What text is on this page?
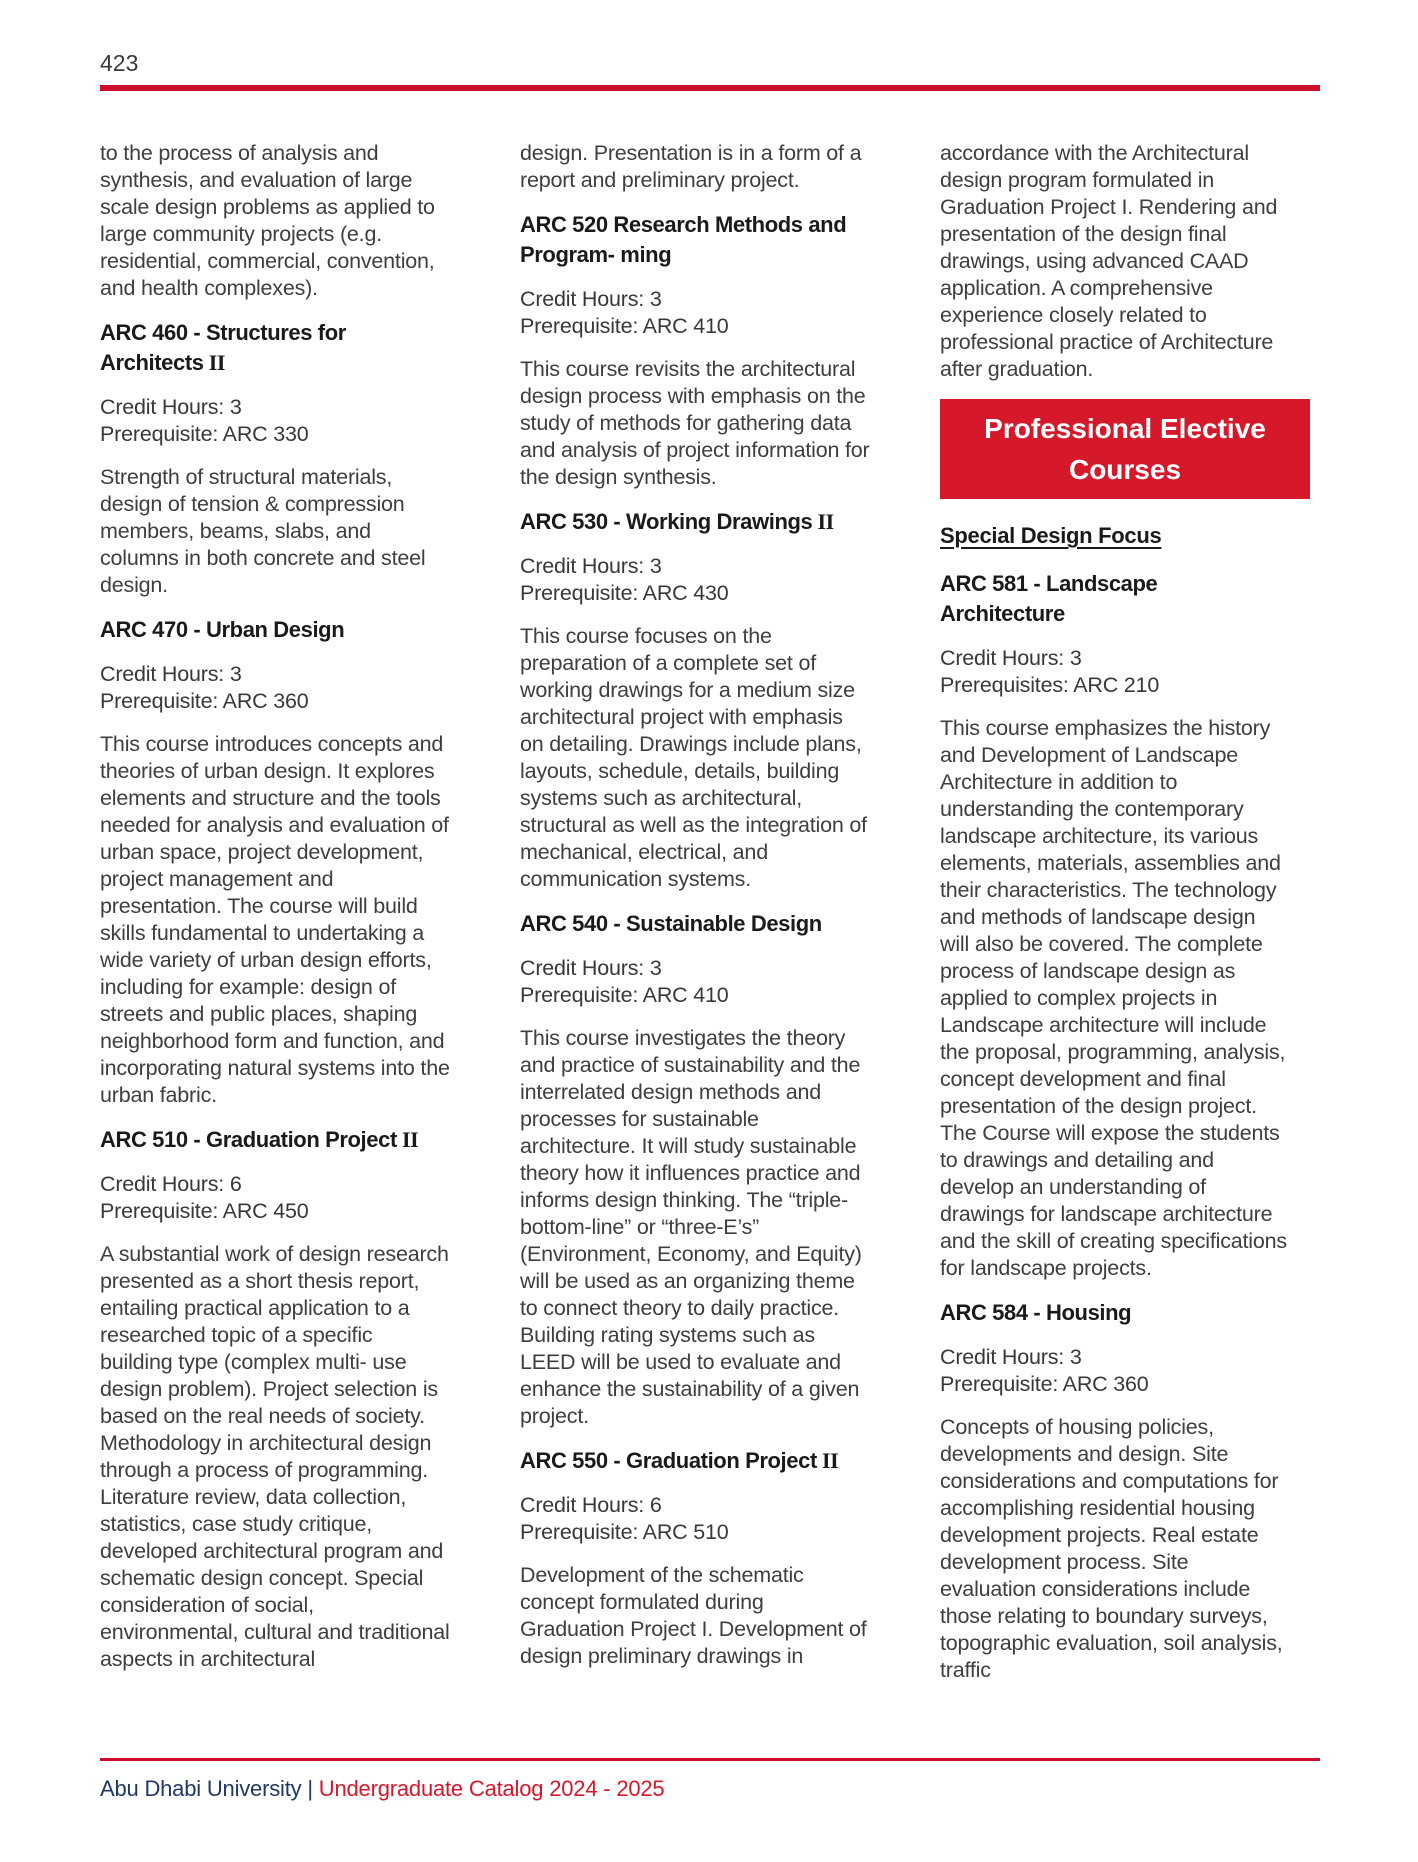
423

to the process of analysis and synthesis, and evaluation of large scale design problems as applied to large community projects (e.g. residential, commercial, convention, and health complexes).

ARC 460 - Structures for
Architects II
Credit Hours: 3
Prerequisite: ARC 330

Strength of structural materials, design of tension & compression members, beams, slabs, and columns in both concrete and steel design.

ARC 470 - Urban Design
Credit Hours: 3
Prerequisite: ARC 360

This course introduces concepts and theories of urban design. It explores elements and structure and the tools needed for analysis and evaluation of urban space, project development, project management and presentation. The course will build skills fundamental to undertaking a wide variety of urban design efforts, including for example: design of streets and public places, shaping neighborhood form and function, and incorporating natural systems into the urban fabric.

ARC 510 - Graduation Project II
Credit Hours: 6
Prerequisite: ARC 450

A substantial work of design research presented as a short thesis report, entailing practical application to a researched topic of a specific building type (complex multi- use design problem). Project selection is based on the real needs of society. Methodology in architectural design through a process of programming. Literature review, data collection, statistics, case study critique, developed architectural program and schematic design concept. Special consideration of social, environmental, cultural and traditional aspects in architectural

design. Presentation is in a form of a report and preliminary project.

ARC 520 Research Methods and
Program- ming
Credit Hours: 3
Prerequisite: ARC 410

This course revisits the architectural design process with emphasis on the study of methods for gathering data and analysis of project information for the design synthesis.

ARC 530 - Working Drawings II
Credit Hours: 3
Prerequisite: ARC 430

This course focuses on the preparation of a complete set of working drawings for a medium size architectural project with emphasis on detailing. Drawings include plans, layouts, schedule, details, building systems such as architectural, structural as well as the integration of mechanical, electrical, and communication systems.

ARC 540 - Sustainable Design
Credit Hours: 3
Prerequisite: ARC 410

This course investigates the theory and practice of sustainability and the interrelated design methods and processes for sustainable architecture. It will study sustainable theory how it influences practice and informs design thinking. The “triple-bottom-line” or “three-E’s” (Environment, Economy, and Equity) will be used as an organizing theme to connect theory to daily practice. Building rating systems such as LEED will be used to evaluate and enhance the sustainability of a given project.

ARC 550 - Graduation Project II
Credit Hours: 6
Prerequisite: ARC 510

Development of the schematic concept formulated during Graduation Project I. Development of design preliminary drawings in

accordance with the Architectural design program formulated in Graduation Project I. Rendering and presentation of the design final drawings, using advanced CAAD application. A comprehensive experience closely related to professional practice of Architecture after graduation.

Professional Elective Courses
Special Design Focus
ARC 581 - Landscape
Architecture
Credit Hours: 3
Prerequisites: ARC 210

This course emphasizes the history and Development of Landscape Architecture in addition to understanding the contemporary landscape architecture, its various elements, materials, assemblies and their characteristics. The technology and methods of landscape design will also be covered. The complete process of landscape design as applied to complex projects in Landscape architecture will include the proposal, programming, analysis, concept development and final presentation of the design project. The Course will expose the students to drawings and detailing and develop an understanding of drawings for landscape architecture and the skill of creating specifications for landscape projects.

ARC 584 - Housing
Credit Hours: 3
Prerequisite: ARC 360

Concepts of housing policies, developments and design. Site considerations and computations for accomplishing residential housing development projects. Real estate development process. Site evaluation considerations include those relating to boundary surveys, topographic evaluation, soil analysis, traffic

Abu Dhabi University | Undergraduate Catalog 2024 - 2025
